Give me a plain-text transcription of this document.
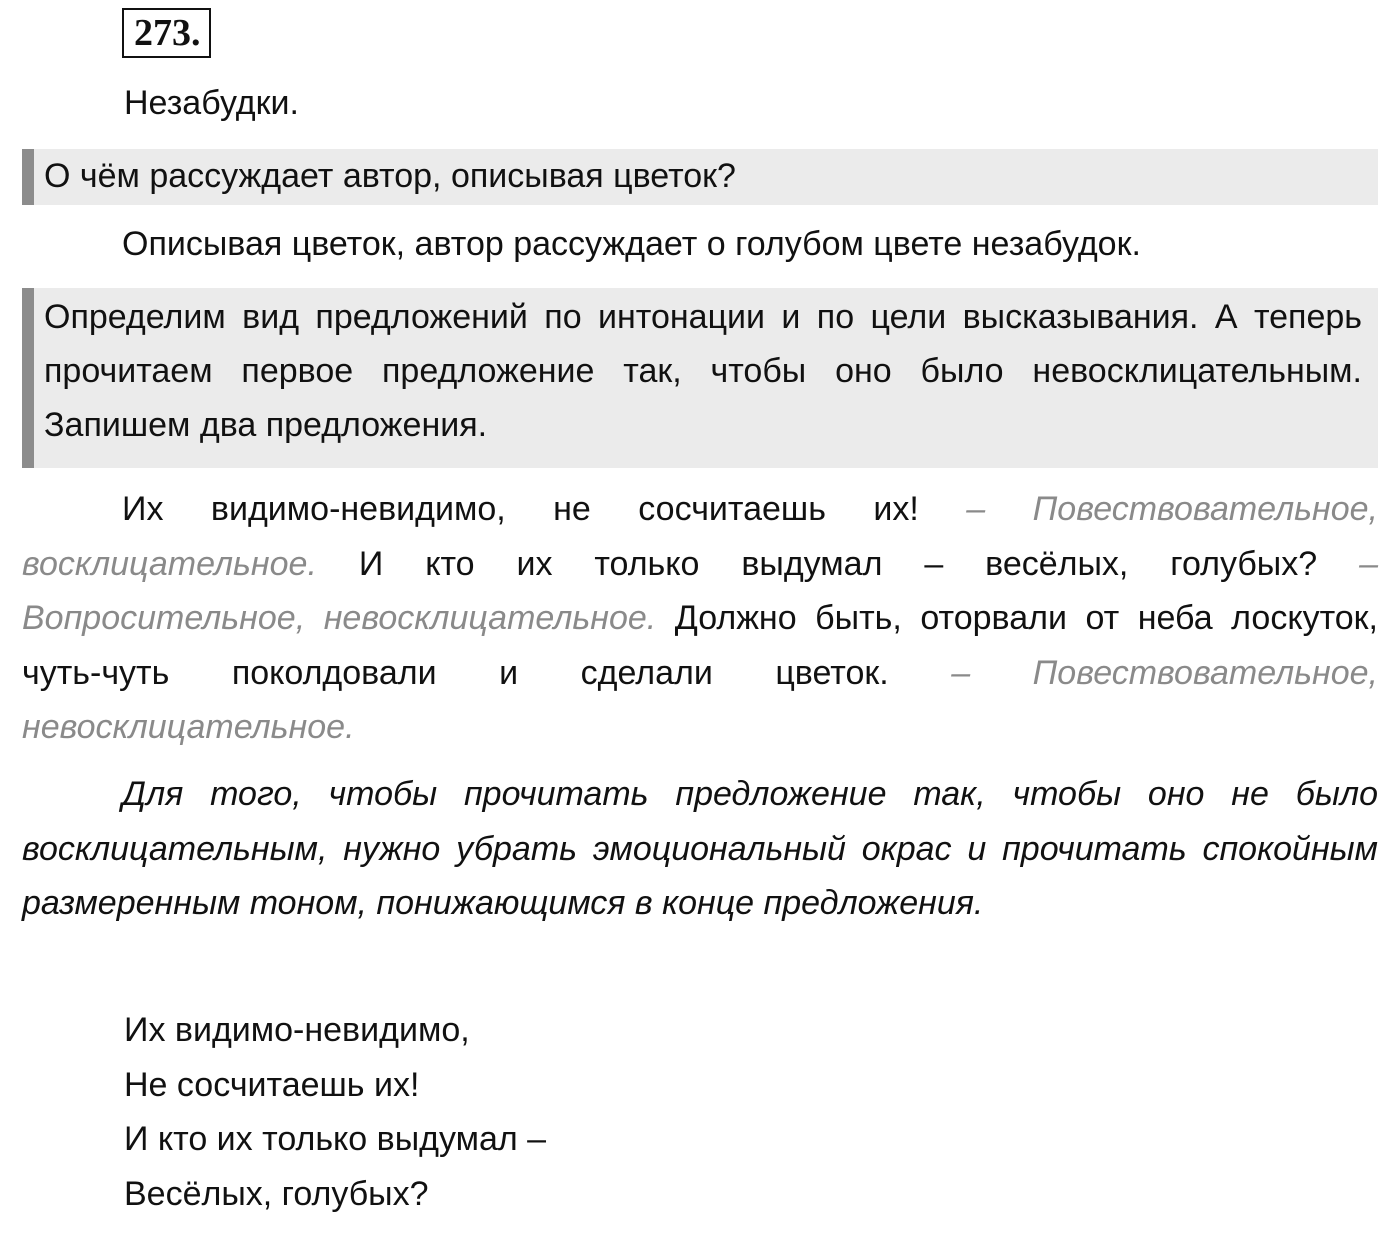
273.

Незабудки.

О чём рассуждает автор, описывая цветок?

Описывая цветок, автор рассуждает о голубом цвете незабудок.

Определим вид предложений по интонации и по цели высказывания. А теперь прочитаем первое предложение так, чтобы оно было невосклицательным. Запишем два предложения.

Их видимо-невидимо, не сосчитаешь их! – Повествовательное, восклицательное. И кто их только выдумал – весёлых, голубых? – Вопросительное, невосклицательное. Должно быть, оторвали от неба лоскуток, чуть-чуть поколдовали и сделали цветок. – Повествовательное, невосклицательное.

Для того, чтобы прочитать предложение так, чтобы оно не было восклицательным, нужно убрать эмоциональный окрас и прочитать спокойным размеренным тоном, понижающимся в конце предложения.

Их видимо-невидимо,
Не сосчитаешь их!
И кто их только выдумал –
Весёлых, голубых?
